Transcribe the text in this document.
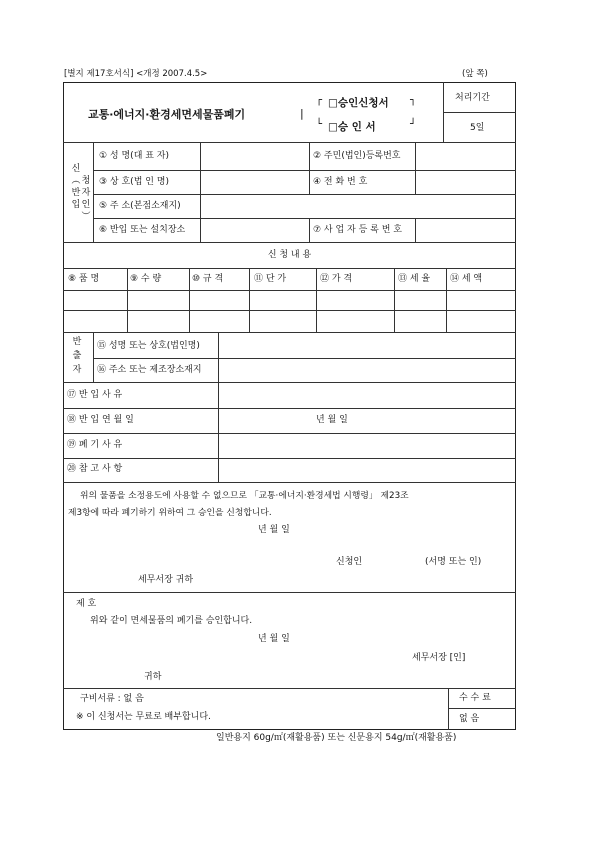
[별지 제17호서식] <개정 2007.4.5>	(앞 쪽)
교통·에너지·환경세면세물품폐기	|
┌ □승인신청서 ┐
└ □승 인 서	┘
처리기간
5일
신
︵
반
입
청
자
인
︶
① 성 명(대 표 자)	② 주민(법인)등록번호
③ 상 호(법 인 명)	④ 전 화 번 호
⑤ 주 소(본점소재지)
⑥ 반입 또는 설치장소	⑦ 사 업 자 등 록 번 호
신 청 내 용
⑧ 품 명	⑨ 수 량	⑩ 규 격	⑪ 단 가	⑫ 가 격	⑬ 세 율 ⑭ 세 액
반
출
자
⑮ 성명 또는 상호(법인명)
⑯ 주소 또는 제조장소재지
⑰ 반 입 사 유
⑱ 반 입 연 월 일	년 월 일
⑲ 폐 기 사 유
⑳ 참 고 사 항
위의 물품을 소정용도에 사용할 수 없으므로 「교통·에너지·환경세법 시행령」 제23조
제3항에 따라 폐기하기 위하여 그 승인을 신청합니다.
년 월 일
신청인	(서명 또는 인)
세무서장 귀하
제 호
위와 같이 면세물품의 폐기를 승인합니다.
년 월 일
세무서장 [인]
귀하
구비서류 : 없 음
※ 이 신청서는 무료로 배부합니다.
수 수 료
없 음
일반용지 60g/㎡(재활용품) 또는 신문용지 54g/㎡(재활용품)
